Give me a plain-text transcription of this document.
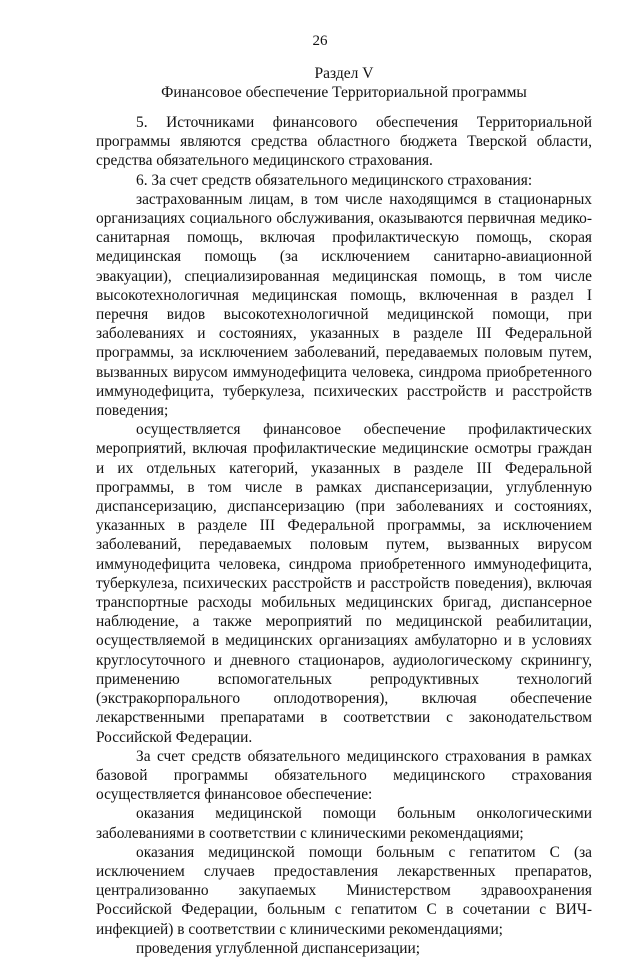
26
Раздел V
Финансовое обеспечение Территориальной программы

5. Источниками финансового обеспечения Территориальной программы являются средства областного бюджета Тверской области, средства обязательного медицинского страхования.

6. За счет средств обязательного медицинского страхования:

застрахованным лицам, в том числе находящимся в стационарных организациях социального обслуживания, оказываются первичная медико-санитарная помощь, включая профилактическую помощь, скорая медицинская помощь (за исключением санитарно-авиационной эвакуации), специализированная медицинская помощь, в том числе высокотехнологичная медицинская помощь, включенная в раздел I перечня видов высокотехнологичной медицинской помощи, при заболеваниях и состояниях, указанных в разделе III Федеральной программы, за исключением заболеваний, передаваемых половым путем, вызванных вирусом иммунодефицита человека, синдрома приобретенного иммунодефицита, туберкулеза, психических расстройств и расстройств поведения;

осуществляется финансовое обеспечение профилактических мероприятий, включая профилактические медицинские осмотры граждан и их отдельных категорий, указанных в разделе III Федеральной программы, в том числе в рамках диспансеризации, углубленную диспансеризацию, диспансеризацию (при заболеваниях и состояниях, указанных в разделе III Федеральной программы, за исключением заболеваний, передаваемых половым путем, вызванных вирусом иммунодефицита человека, синдрома приобретенного иммунодефицита, туберкулеза, психических расстройств и расстройств поведения), включая транспортные расходы мобильных медицинских бригад, диспансерное наблюдение, а также мероприятий по медицинской реабилитации, осуществляемой в медицинских организациях амбулаторно и в условиях круглосуточного и дневного стационаров, аудиологическому скринингу, применению вспомогательных репродуктивных технологий (экстракорпорального оплодотворения), включая обеспечение лекарственными препаратами в соответствии с законодательством Российской Федерации.

За счет средств обязательного медицинского страхования в рамках базовой программы обязательного медицинского страхования осуществляется финансовое обеспечение:

оказания медицинской помощи больным онкологическими заболеваниями в соответствии с клиническими рекомендациями;

оказания медицинской помощи больным с гепатитом С (за исключением случаев предоставления лекарственных препаратов, централизованно закупаемых Министерством здравоохранения Российской Федерации, больным с гепатитом С в сочетании с ВИЧ-инфекцией) в соответствии с клиническими рекомендациями;

проведения углубленной диспансеризации;
